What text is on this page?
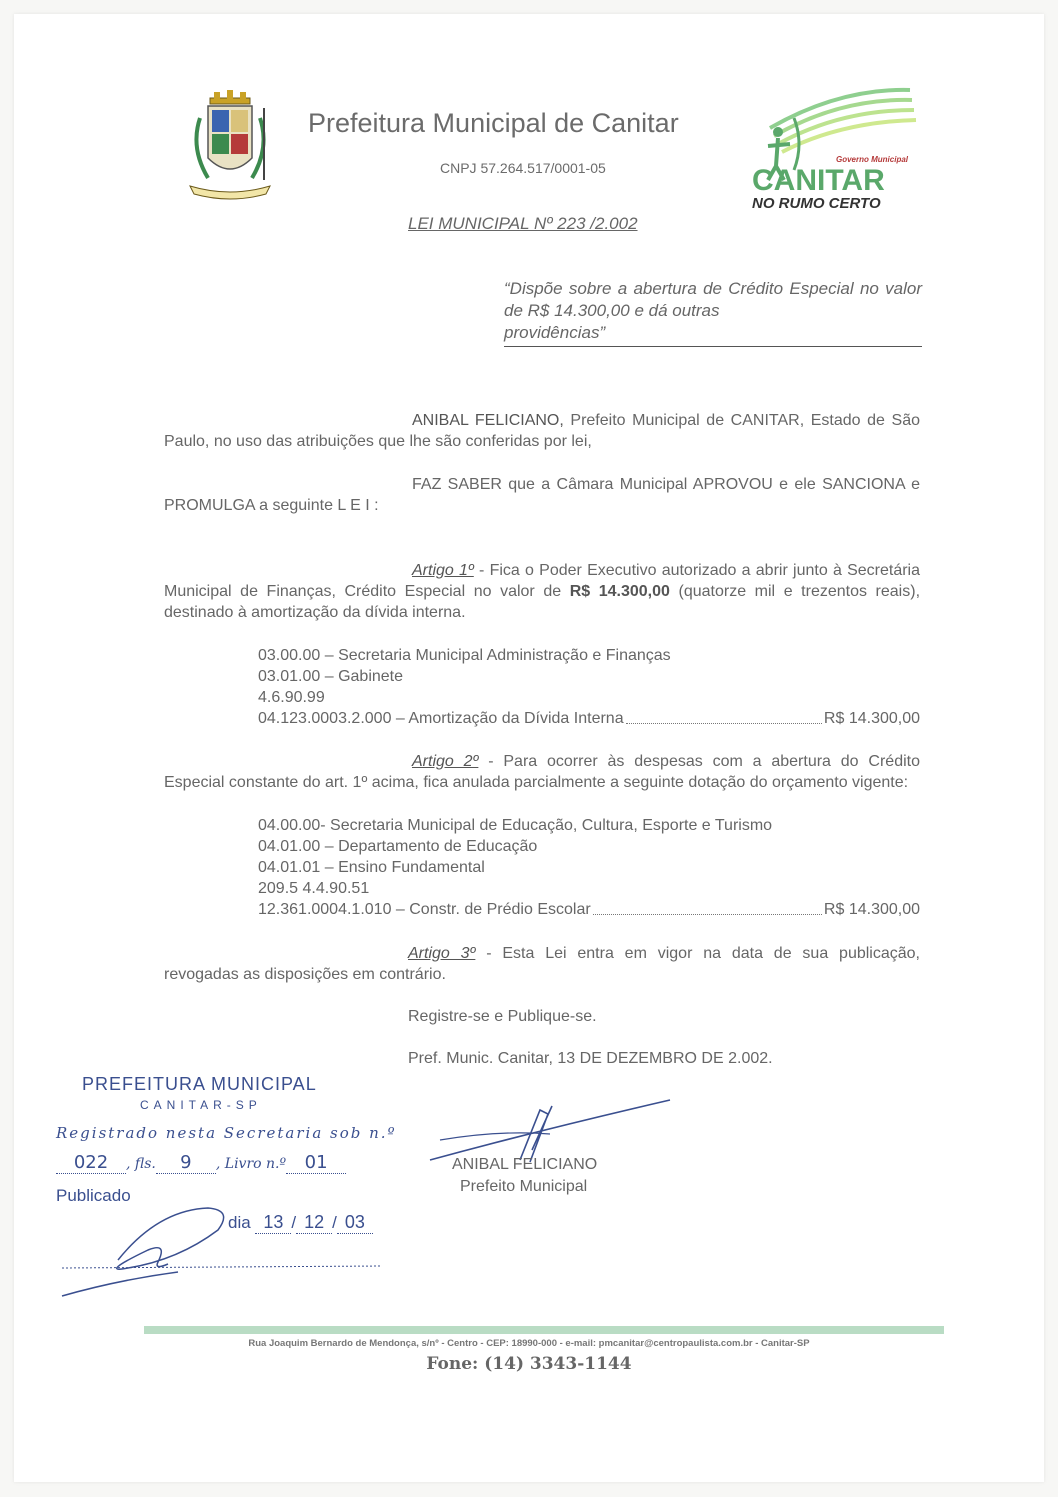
Prefeitura Municipal de Canitar
CNPJ 57.264.517/0001-05
Governo Municipal
CANITAR
NO RUMO CERTO
LEI MUNICIPAL Nº 223 /2.002
“Dispõe sobre a abertura de Crédito Especial no valor de R$ 14.300,00 e dá outras
providências”
ANIBAL FELICIANO, Prefeito Municipal de CANITAR, Estado de São Paulo, no uso das atribuições que lhe são conferidas por lei,
FAZ SABER que a Câmara Municipal APROVOU e ele SANCIONA e PROMULGA a seguinte L E I :
Artigo 1º - Fica o Poder Executivo autorizado a abrir junto à Secretária Municipal de Finanças, Crédito Especial no valor de R$ 14.300,00 (quatorze mil e trezentos reais), destinado à amortização da dívida interna.
03.00.00 – Secretaria Municipal Administração e Finanças
03.01.00 – Gabinete
4.6.90.99
04.123.0003.2.000 – Amortização da Dívida Interna	R$ 14.300,00
Artigo 2º - Para ocorrer às despesas com a abertura do Crédito Especial constante do art. 1º acima, fica anulada parcialmente a seguinte dotação do orçamento vigente:
04.00.00- Secretaria Municipal de Educação, Cultura, Esporte e Turismo
04.01.00 – Departamento de Educação
04.01.01 – Ensino Fundamental
209.5 4.4.90.51
12.361.0004.1.010 – Constr. de Prédio Escolar	R$ 14.300,00
Artigo 3º - Esta Lei entra em vigor na data de sua publicação, revogadas as disposições em contrário.
Registre-se e Publique-se.
Pref. Munic. Canitar, 13 DE DEZEMBRO DE 2.002.
PREFEITURA MUNICIPAL
CANITAR-SP
Registrado nesta Secretaria sob n.º
022 , fls. 9 , Livro n.º 01
Publicado
dia 13 / 12 / 03
ANIBAL FELICIANO
Prefeito Municipal
Rua Joaquim Bernardo de Mendonça, s/nº - Centro - CEP: 18990-000 - e-mail: pmcanitar@centropaulista.com.br - Canitar-SP
Fone: (14) 3343-1144
